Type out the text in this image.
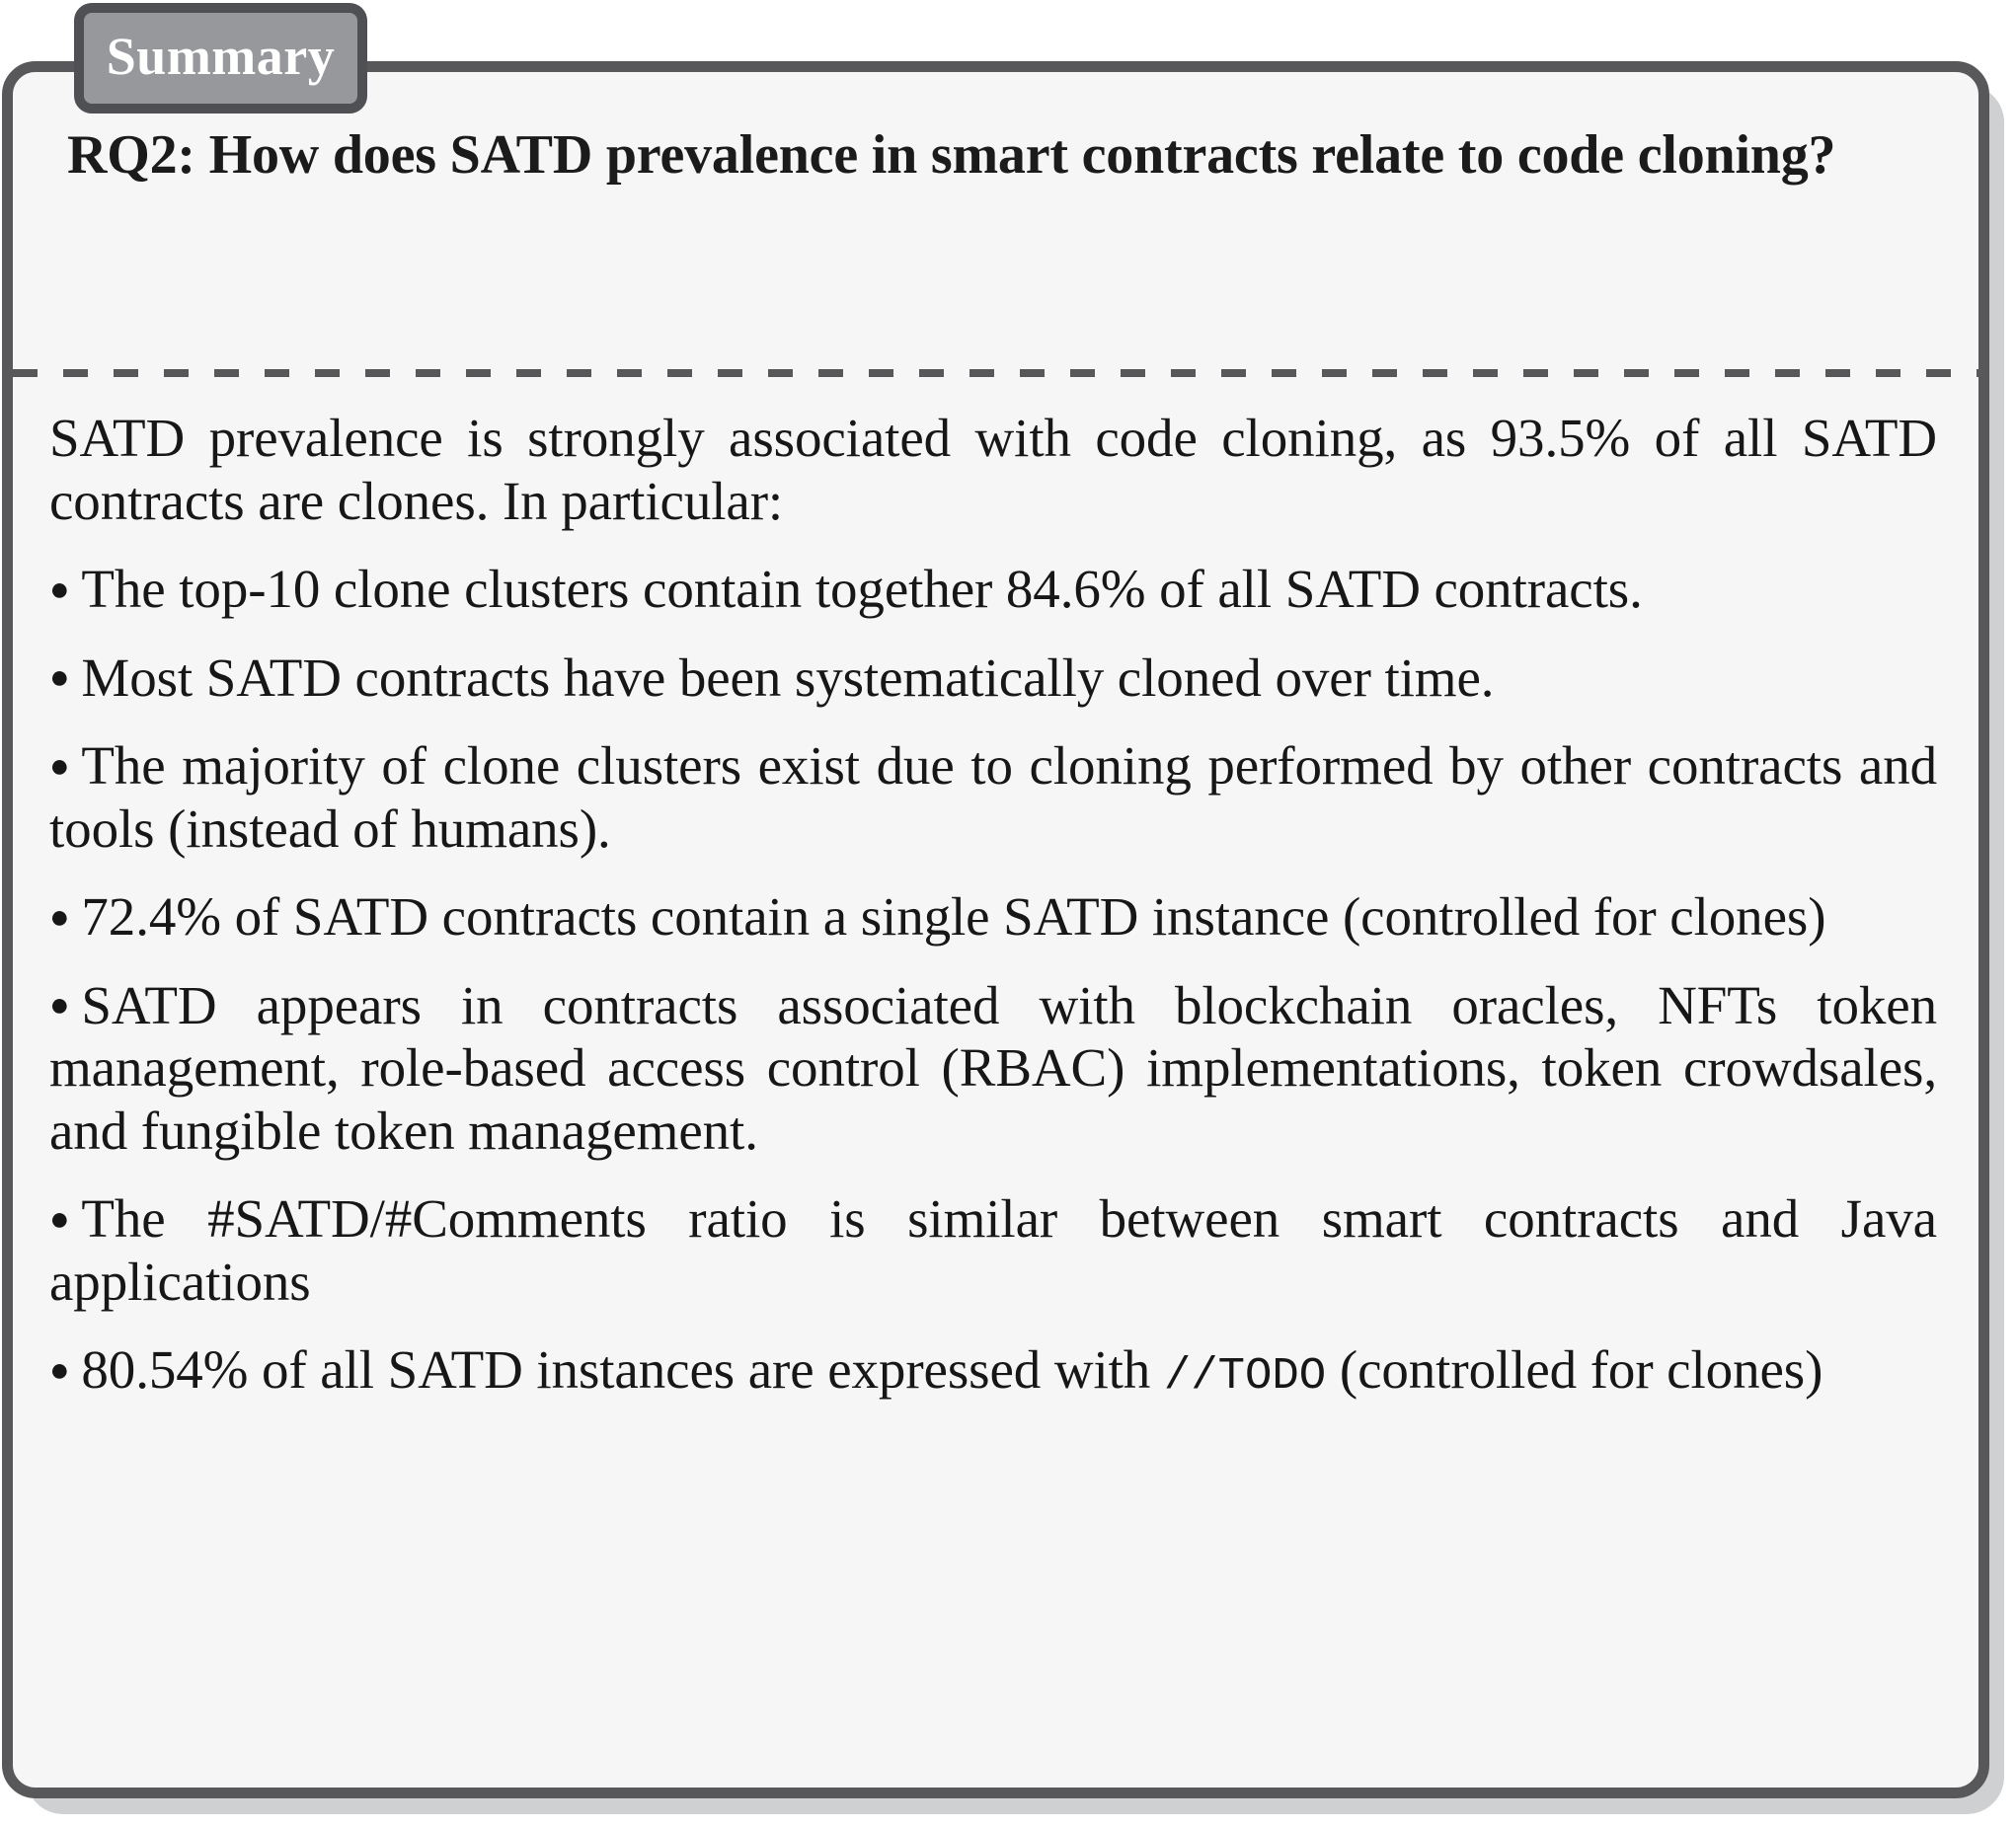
RQ2: How does SATD prevalence in smart contracts relate to code cloning?

SATD prevalence is strongly associated with code cloning, as 93.5% of all SATD contracts are clones. In particular:

● The top-10 clone clusters contain together 84.6% of all SATD contracts.

● Most SATD contracts have been systematically cloned over time.

● The majority of clone clusters exist due to cloning performed by other contracts and tools (instead of humans).

● 72.4% of SATD contracts contain a single SATD instance (controlled for clones)

● SATD appears in contracts associated with blockchain oracles, NFTs token management, role-based access control (RBAC) implementations, token crowdsales, and fungible token management.

● The #SATD/#Comments ratio is similar between smart contracts and Java applications

● 80.54% of all SATD instances are expressed with //TODO (controlled for clones)

Summary
